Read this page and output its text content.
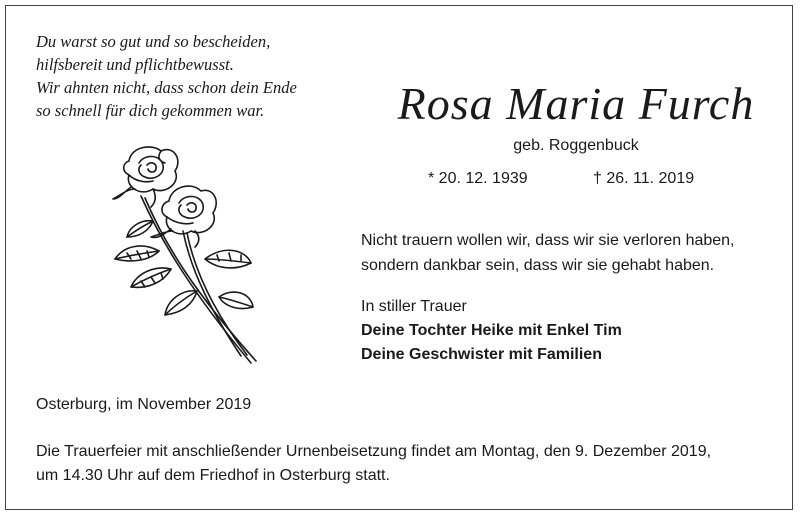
Du warst so gut und so bescheiden,
hilfsbereit und pflichtbewusst.
Wir ahnten nicht, dass schon dein Ende
so schnell für dich gekommen war.	Rosa Maria Furch
geb. Roggenbuck
* 20. 12. 1939	† 26. 11. 2019
Nicht trauern wollen wir, dass wir sie verloren haben,
sondern dankbar sein, dass wir sie gehabt haben.
In stiller Trauer
Deine Tochter Heike mit Enkel Tim
Deine Geschwister mit Familien
Osterburg, im November 2019
Die Trauerfeier mit anschließender Urnenbeisetzung findet am Montag, den 9. Dezember 2019,
um 14.30 Uhr auf dem Friedhof in Osterburg statt.
